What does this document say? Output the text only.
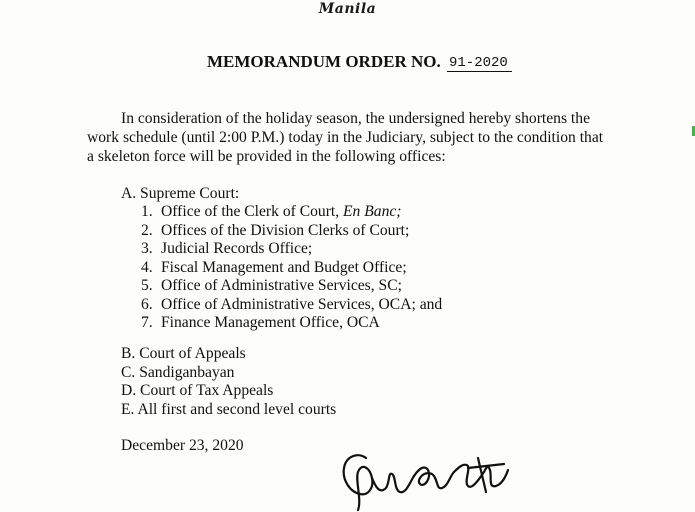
Manila
MEMORANDUM ORDER NO. 91-2020
In consideration of the holiday season, the undersigned hereby shortens the
work schedule (until 2:00 P.M.) today in the Judiciary, subject to the condition that
a skeleton force will be provided in the following offices:
A. Supreme Court:
1. Office of the Clerk of Court, En Banc;
2. Offices of the Division Clerks of Court;
3. Judicial Records Office;
4. Fiscal Management and Budget Office;
5. Office of Administrative Services, SC;
6. Office of Administrative Services, OCA; and
7. Finance Management Office, OCA
B. Court of Appeals
C. Sandiganbayan
D. Court of Tax Appeals
E. All first and second level courts
December 23, 2020
